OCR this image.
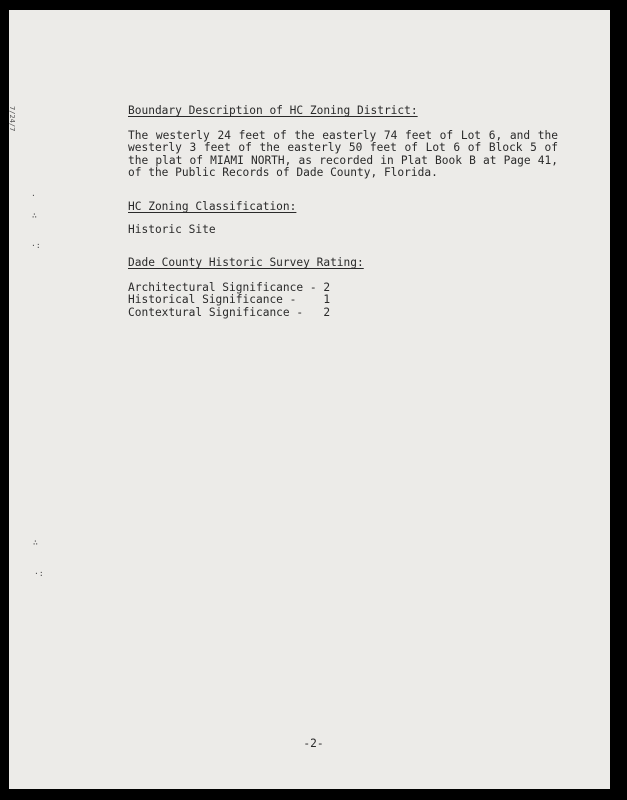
7/24/7
·
∴
·:
∴
·:

Boundary Description of HC Zoning District:

The westerly 24 feet of the easterly 74 feet of Lot 6, and the westerly 3 feet of the easterly 50 feet of Lot 6 of Block 5 of the plat of MIAMI NORTH, as recorded in Plat Book B at Page 41, of the Public Records of Dade County, Florida.

HC Zoning Classification:

Historic Site

Dade County Historic Survey Rating:

Architectural Significance - 2

Historical Significance - 1

Contextural Significance - 2

-2-
